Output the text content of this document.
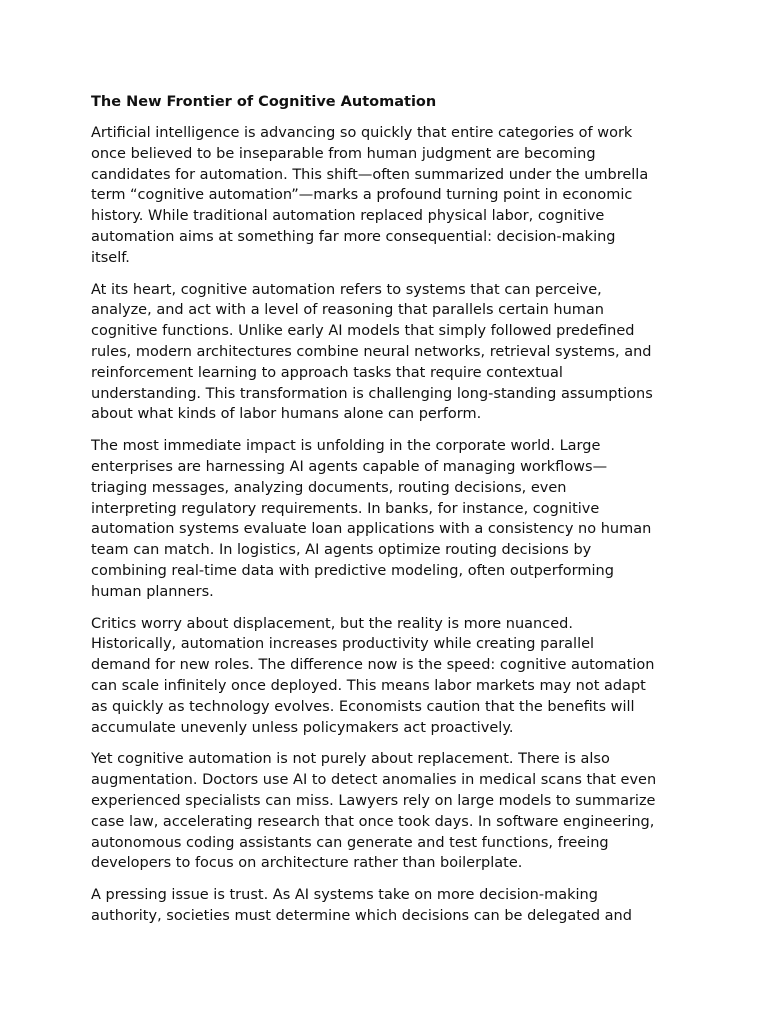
The New Frontier of Cognitive Automation

Artificial intelligence is advancing so quickly that entire categories of work
once believed to be inseparable from human judgment are becoming
candidates for automation. This shift—often summarized under the umbrella
term “cognitive automation”—marks a profound turning point in economic
history. While traditional automation replaced physical labor, cognitive
automation aims at something far more consequential: decision-making
itself.

At its heart, cognitive automation refers to systems that can perceive,
analyze, and act with a level of reasoning that parallels certain human
cognitive functions. Unlike early AI models that simply followed predefined
rules, modern architectures combine neural networks, retrieval systems, and
reinforcement learning to approach tasks that require contextual
understanding. This transformation is challenging long-standing assumptions
about what kinds of labor humans alone can perform.

The most immediate impact is unfolding in the corporate world. Large
enterprises are harnessing AI agents capable of managing workflows—
triaging messages, analyzing documents, routing decisions, even
interpreting regulatory requirements. In banks, for instance, cognitive
automation systems evaluate loan applications with a consistency no human
team can match. In logistics, AI agents optimize routing decisions by
combining real-time data with predictive modeling, often outperforming
human planners.

Critics worry about displacement, but the reality is more nuanced.
Historically, automation increases productivity while creating parallel
demand for new roles. The difference now is the speed: cognitive automation
can scale infinitely once deployed. This means labor markets may not adapt
as quickly as technology evolves. Economists caution that the benefits will
accumulate unevenly unless policymakers act proactively.

Yet cognitive automation is not purely about replacement. There is also
augmentation. Doctors use AI to detect anomalies in medical scans that even
experienced specialists can miss. Lawyers rely on large models to summarize
case law, accelerating research that once took days. In software engineering,
autonomous coding assistants can generate and test functions, freeing
developers to focus on architecture rather than boilerplate.

A pressing issue is trust. As AI systems take on more decision-making
authority, societies must determine which decisions can be delegated and
